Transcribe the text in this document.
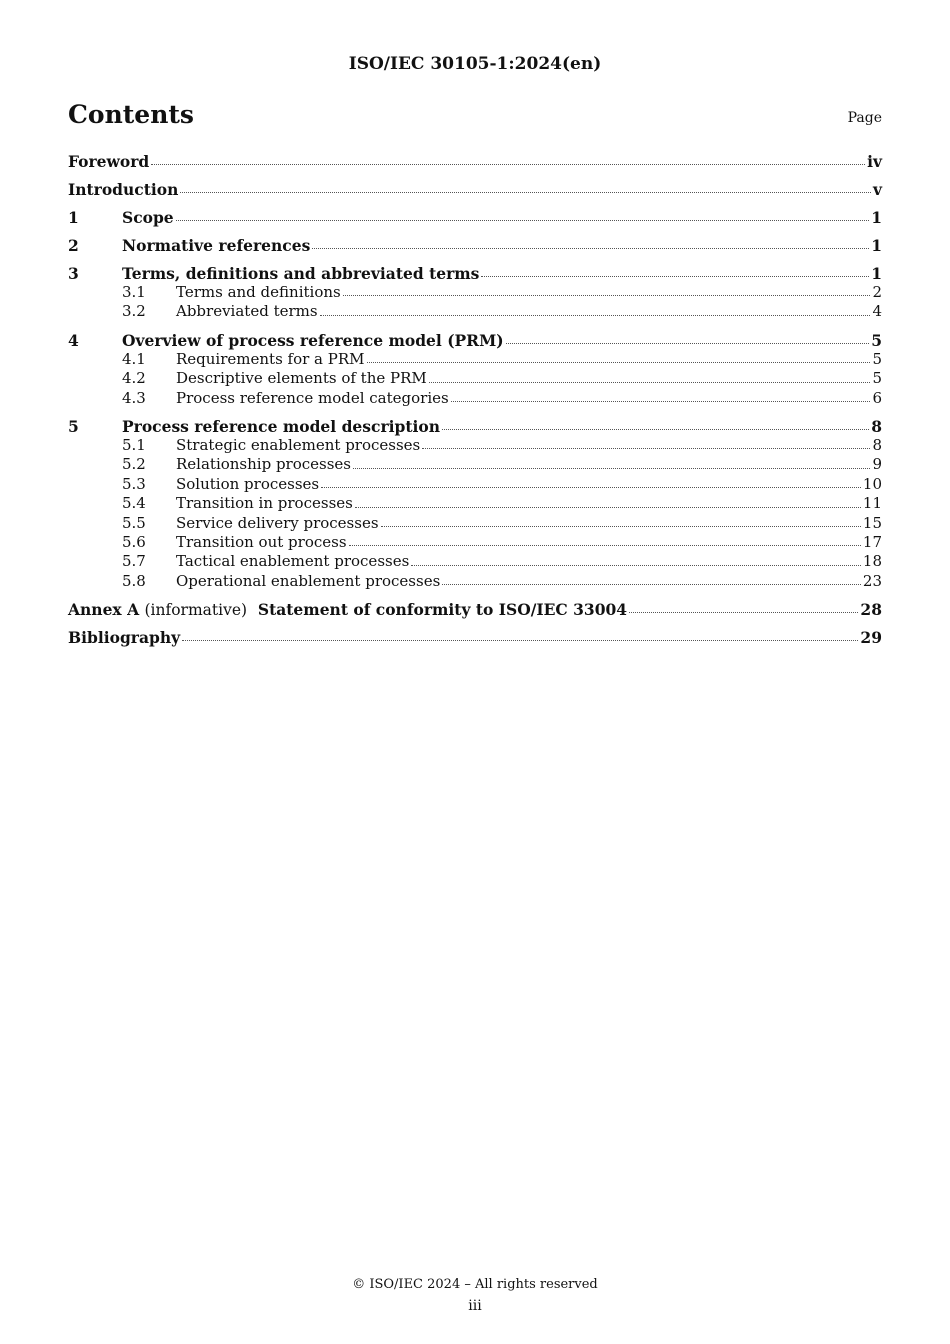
ISO/IEC 30105-1:2024(en)
Contents	Page
Foreword	iv
Introduction	v
1	Scope	1
2	Normative references	1
3	Terms, definitions and abbreviated terms	1
3.1	Terms and definitions	2
3.2	Abbreviated terms	4
4	Overview of process reference model (PRM)	5
4.1	Requirements for a PRM	5
4.2	Descriptive elements of the PRM	5
4.3	Process reference model categories	6
5	Process reference model description	8
5.1	Strategic enablement processes	8
5.2	Relationship processes	9
5.3	Solution processes	10
5.4	Transition in processes	11
5.5	Service delivery processes	15
5.6	Transition out process	17
5.7	Tactical enablement processes	18
5.8	Operational enablement processes	23
Annex A (informative) Statement of conformity to ISO/IEC 33004	28
Bibliography	29
© ISO/IEC 2024 – All rights reserved
iii
